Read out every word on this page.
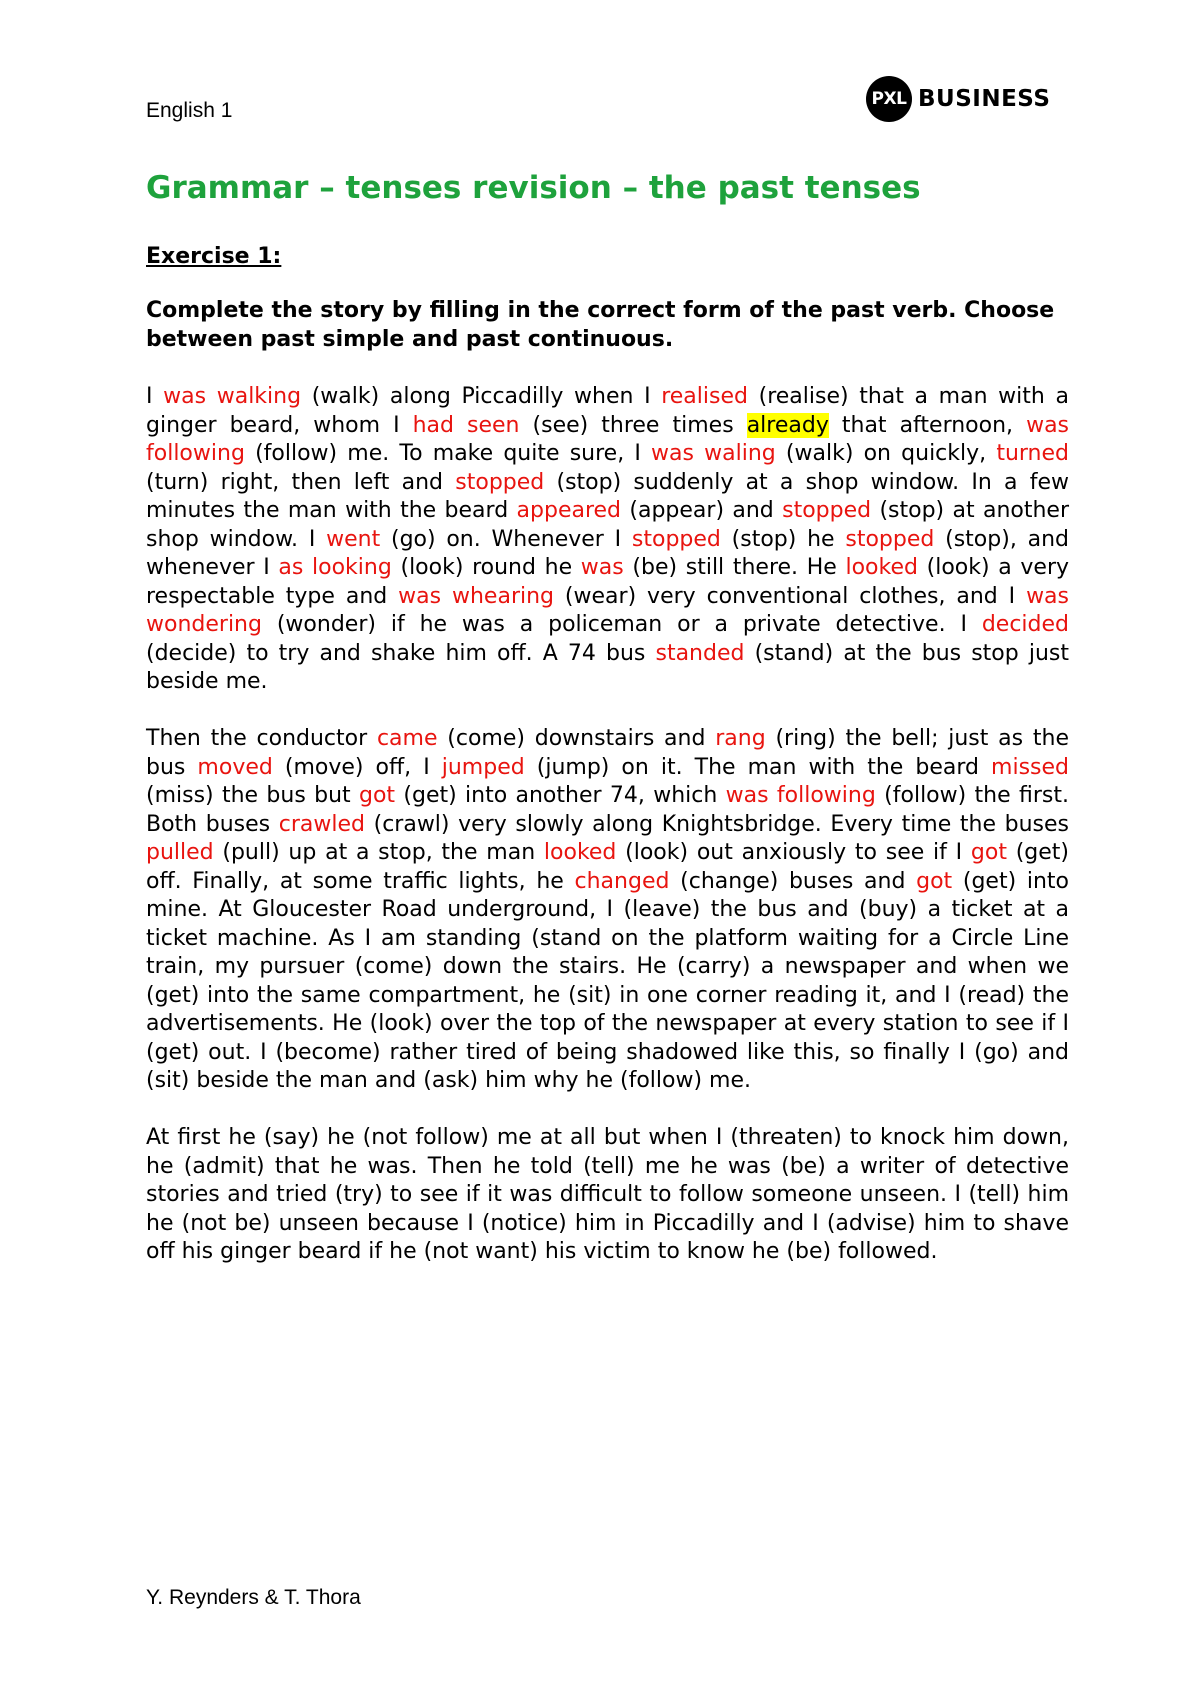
English 1	PXL BUSINESS
Grammar – tenses revision – the past tenses
Exercise 1:
Complete the story by filling in the correct form of the past verb. Choose between past simple and past continuous.

I was walking (walk) along Piccadilly when I realised (realise) that a man with a ginger beard, whom I had seen (see) three times already that afternoon, was following (follow) me. To make quite sure, I was waling (walk) on quickly, turned (turn) right, then left and stopped (stop) suddenly at a shop window. In a few minutes the man with the beard appeared (appear) and stopped (stop) at another shop window. I went (go) on. Whenever I stopped (stop) he stopped (stop), and whenever I as looking (look) round he was (be) still there. He looked (look) a very respectable type and was whearing (wear) very conventional clothes, and I was wondering (wonder) if he was a policeman or a private detective. I decided (decide) to try and shake him off. A 74 bus standed (stand) at the bus stop just beside me.

Then the conductor came (come) downstairs and rang (ring) the bell; just as the bus moved (move) off, I jumped (jump) on it. The man with the beard missed (miss) the bus but got (get) into another 74, which was following (follow) the first. Both buses crawled (crawl) very slowly along Knightsbridge. Every time the buses pulled (pull) up at a stop, the man looked (look) out anxiously to see if I got (get) off. Finally, at some traffic lights, he changed (change) buses and got (get) into mine. At Gloucester Road underground, I (leave) the bus and (buy) a ticket at a ticket machine. As I am standing (stand on the platform waiting for a Circle Line train, my pursuer (come) down the stairs. He (carry) a newspaper and when we (get) into the same compartment, he (sit) in one corner reading it, and I (read) the advertisements. He (look) over the top of the newspaper at every station to see if I (get) out. I (become) rather tired of being shadowed like this, so finally I (go) and (sit) beside the man and (ask) him why he (follow) me.

At first he (say) he (not follow) me at all but when I (threaten) to knock him down, he (admit) that he was. Then he told (tell) me he was (be) a writer of detective stories and tried (try) to see if it was difficult to follow someone unseen. I (tell) him he (not be) unseen because I (notice) him in Piccadilly and I (advise) him to shave off his ginger beard if he (not want) his victim to know he (be) followed.

Y. Reynders & T. Thora
